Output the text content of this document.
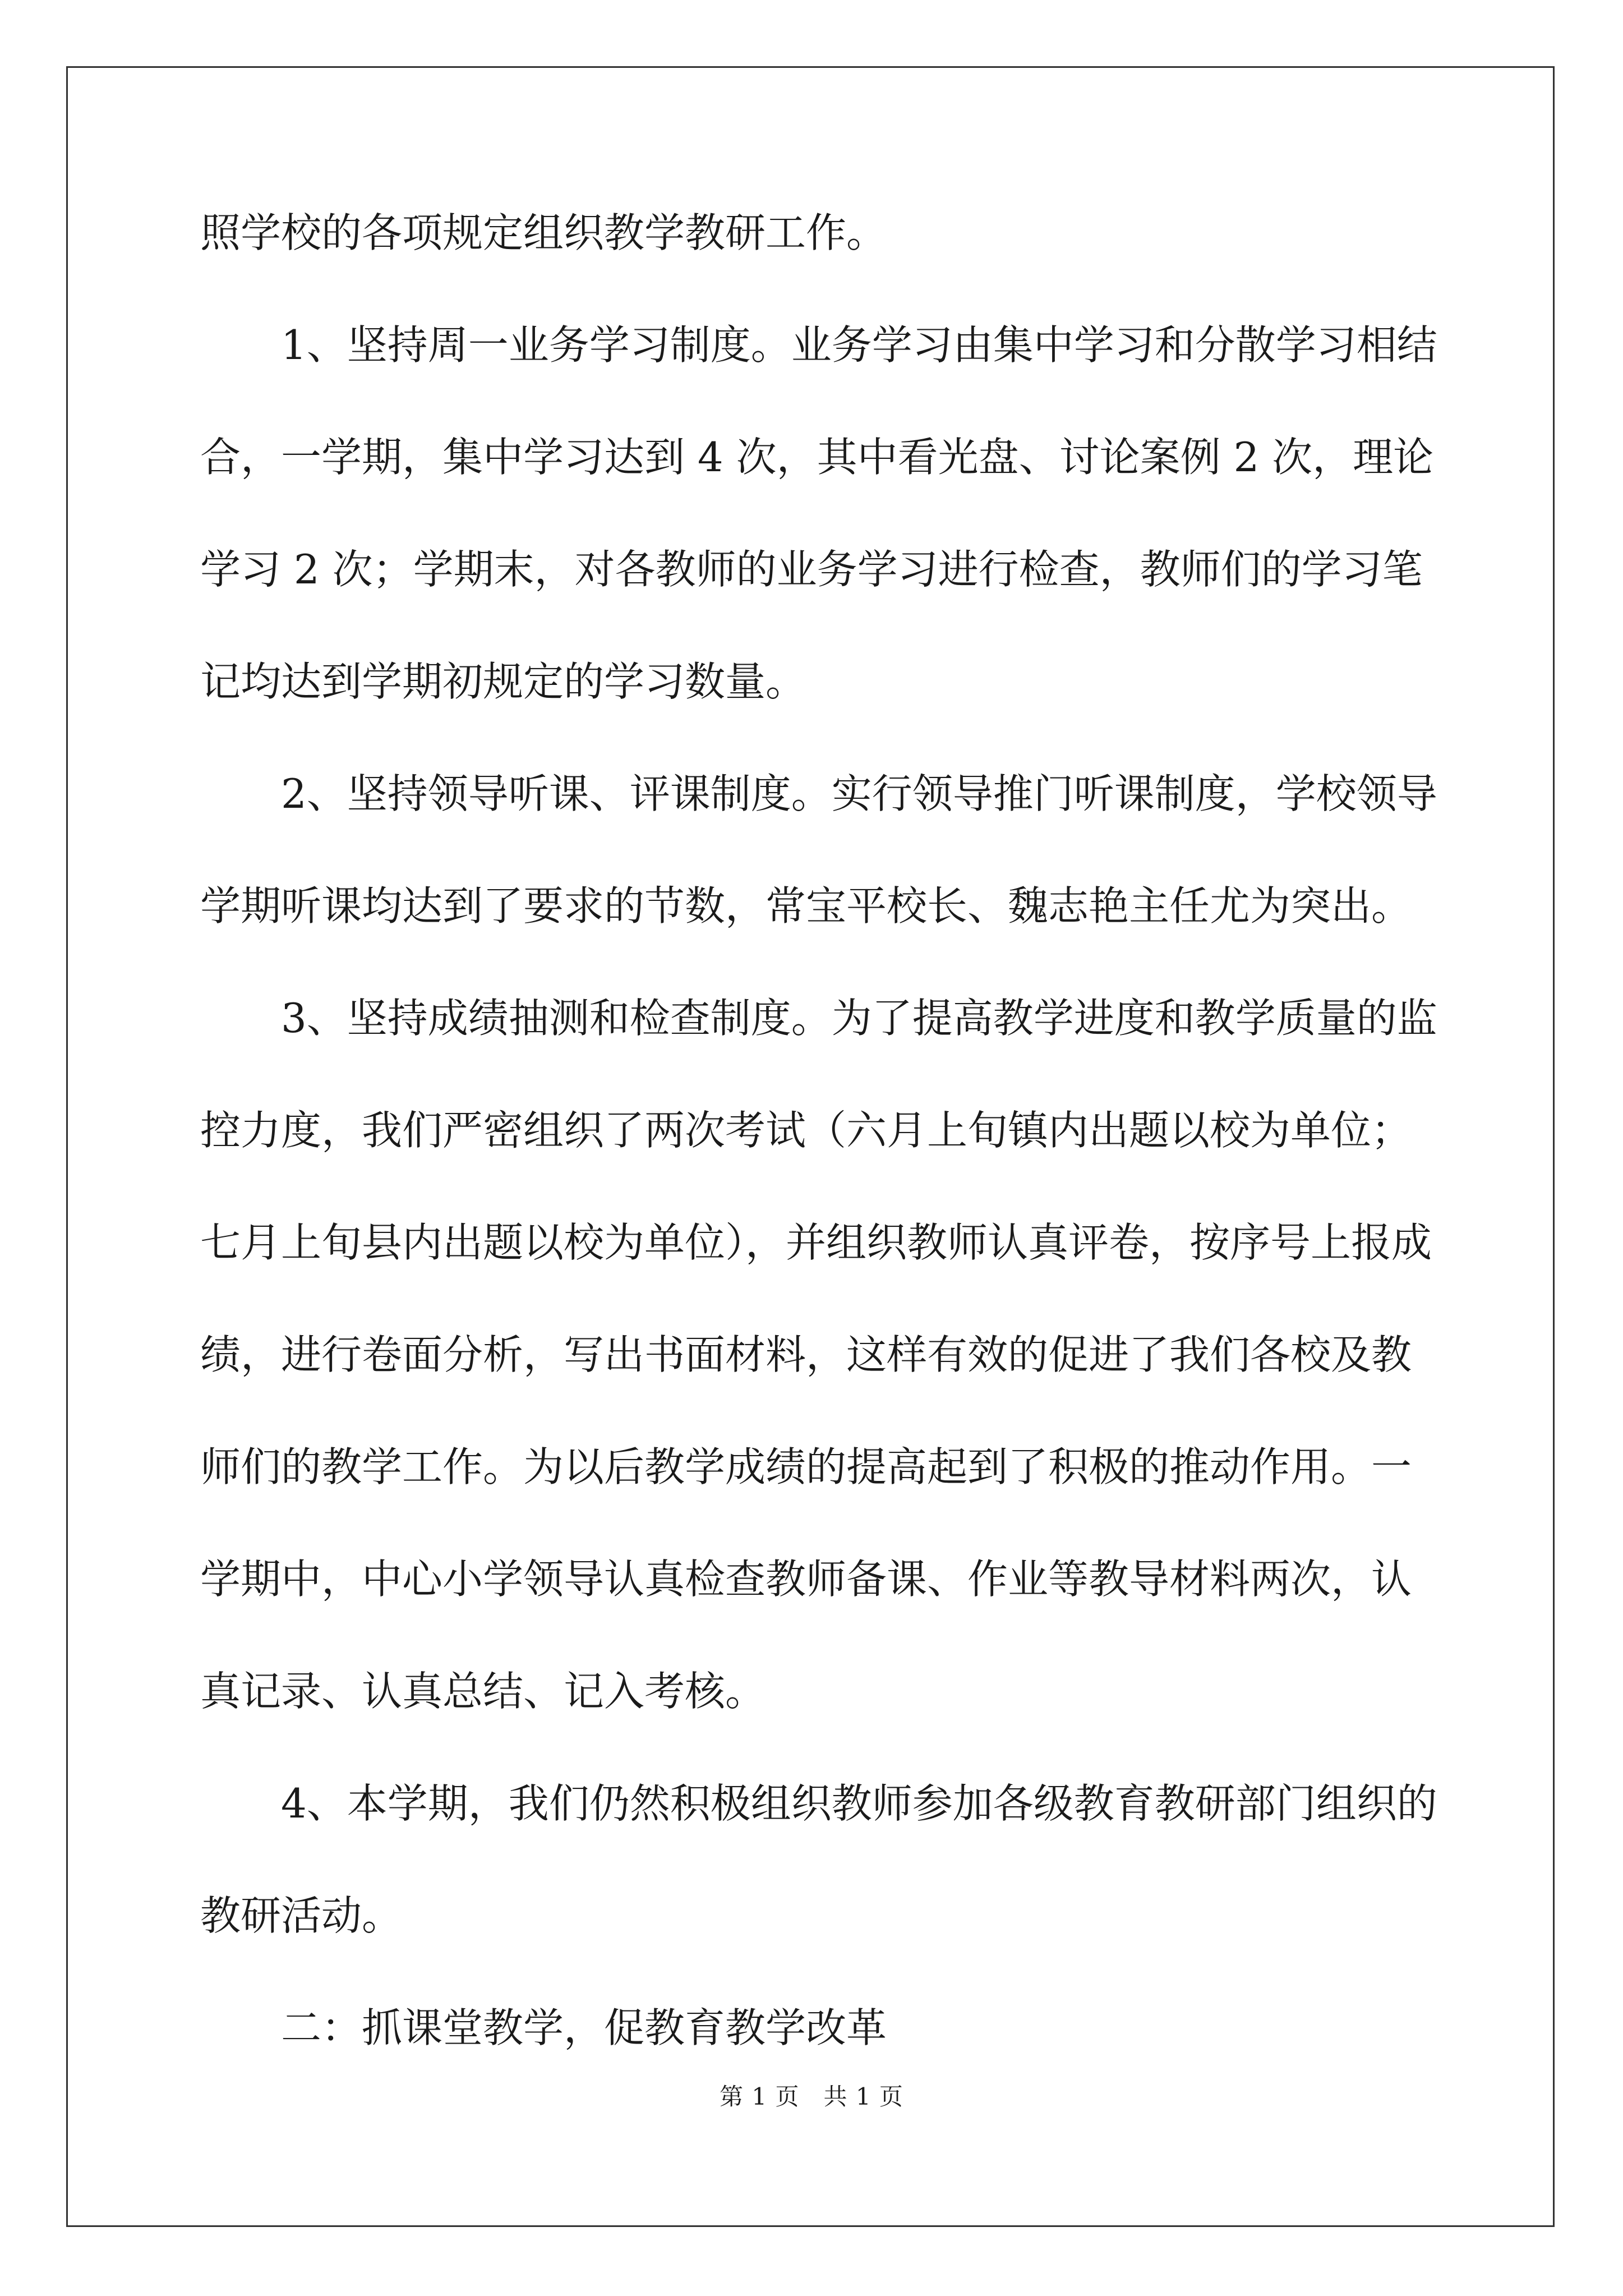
照学校的各项规定组织教学教研工作。
1、坚持周一业务学习制度。业务学习由集中学习和分散学习相结
合，一学期，集中学习达到 4 次，其中看光盘、讨论案例 2 次，理论
学习 2 次；学期末，对各教师的业务学习进行检查，教师们的学习笔
记均达到学期初规定的学习数量。
2、坚持领导听课、评课制度。实行领导推门听课制度，学校领导
学期听课均达到了要求的节数，常宝平校长、魏志艳主任尤为突出。
3、坚持成绩抽测和检查制度。为了提高教学进度和教学质量的监
控力度，我们严密组织了两次考试（六月上旬镇内出题以校为单位；
七月上旬县内出题以校为单位），并组织教师认真评卷，按序号上报成
绩，进行卷面分析，写出书面材料，这样有效的促进了我们各校及教
师们的教学工作。为以后教学成绩的提高起到了积极的推动作用。一
学期中，中心小学领导认真检查教师备课、作业等教导材料两次，认
真记录、认真总结、记入考核。
4、本学期，我们仍然积极组织教师参加各级教育教研部门组织的
教研活动。
二：抓课堂教学，促教育教学改革
第 1 页　共 1 页
